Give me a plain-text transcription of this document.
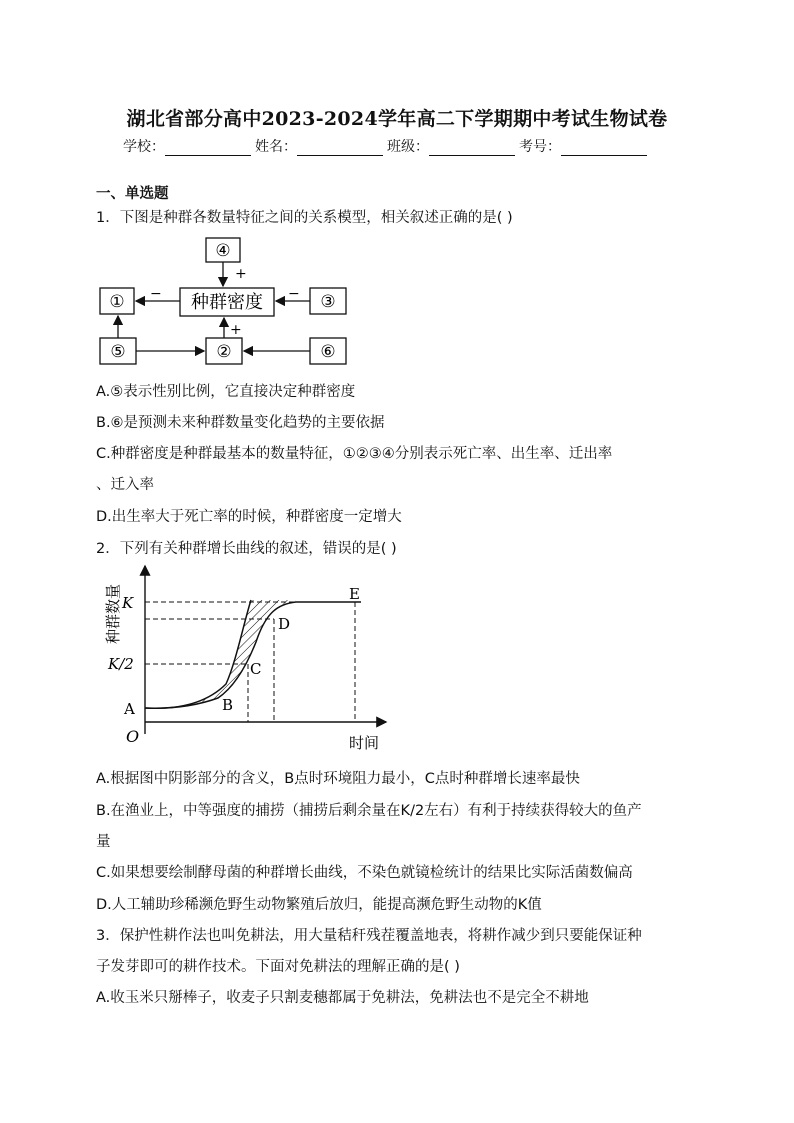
湖北省部分高中2023-2024学年高二下学期期中考试生物试卷
学校：	姓名：	班级：	考号：
一、单选题
1．下图是种群各数量特征之间的关系模型，相关叙述正确的是( )
④
种群密度
①	③
⑤	②	⑥
+
−	−
+
A.⑤表示性别比例，它直接决定种群密度
B.⑥是预测未来种群数量变化趋势的主要依据
C.种群密度是种群最基本的数量特征，①②③④分别表示死亡率、出生率、迁出率
、迁入率
D.出生率大于死亡率的时候，种群密度一定增大
2．下列有关种群增长曲线的叙述，错误的是( )
种群数量
时间
O
K
K/2
A	B
C
D
E
A.根据图中阴影部分的含义，B点时环境阻力最小，C点时种群增长速率最快
B.在渔业上，中等强度的捕捞（捕捞后剩余量在K/2左右）有利于持续获得较大的鱼产
量
C.如果想要绘制酵母菌的种群增长曲线，不染色就镜检统计的结果比实际活菌数偏高
D.人工辅助珍稀濒危野生动物繁殖后放归，能提高濒危野生动物的K值
3．保护性耕作法也叫免耕法，用大量秸秆残茬覆盖地表，将耕作减少到只要能保证种
子发芽即可的耕作技术。下面对免耕法的理解正确的是( )
A.收玉米只掰棒子，收麦子只割麦穗都属于免耕法，免耕法也不是完全不耕地
